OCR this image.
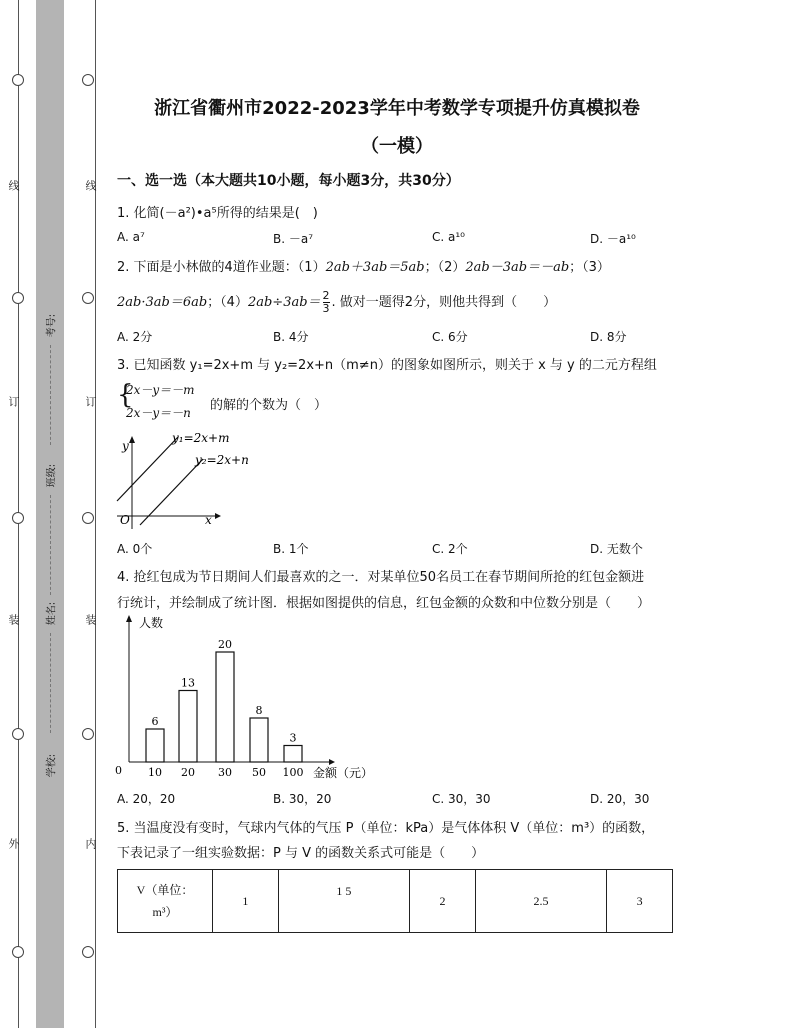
线
订
装
外
线
订
装
内
考号:
班级:
姓名:
学校:
浙江省衢州市2022-2023学年中考数学专项提升仿真模拟卷
（一模）
一、选一选（本大题共10小题，每小题3分，共30分）
1. 化简(－a²)•a⁵所得的结果是(　)
A. a⁷	B. －a⁷	C. a¹⁰	D. －a¹⁰
2. 下面是小林做的4道作业题：（1）2ab＋3ab＝5ab；（2）2ab－3ab＝－ab；（3）
2ab·3ab＝6ab；$(4)2ab\div 3ab= \frac{2}{3}$ . 做对一题得2分，则他共得到（　　）
A. 2分	B. 4分	C. 6分	D. 8分
3. 已知函数 y₁=2x+m 与 y₂=2x+n（m≠n）的图象如图所示，则关于 x 与 y 的二元方程组
{
2x－y＝－m
2x－y＝－n 的解的个数为（　）
y
x
O
y₁=2x+m
y₂=2x+n
A. 0个	B. 1个	C. 2个	D. 无数个
4. 抢红包成为节日期间人们最喜欢的之一．对某单位50名员工在春节期间所抢的红包金额进
行统计，并绘制成了统计图．根据如图提供的信息，红包金额的众数和中位数分别是（　　）
人数
金额（元）
0
6
10
13
20
20
30
8
50
3
100
A. 20，20	B. 30，20	C. 30，30	D. 20，30
5. 当温度没有变时，气球内气体的气压 P（单位：kPa）是气体体积 V（单位：m³）的函数，
下表记录了一组实验数据：P 与 V 的函数关系式可能是（　　）
V（单位：
m³）	1	1 5	2	2.5	3
